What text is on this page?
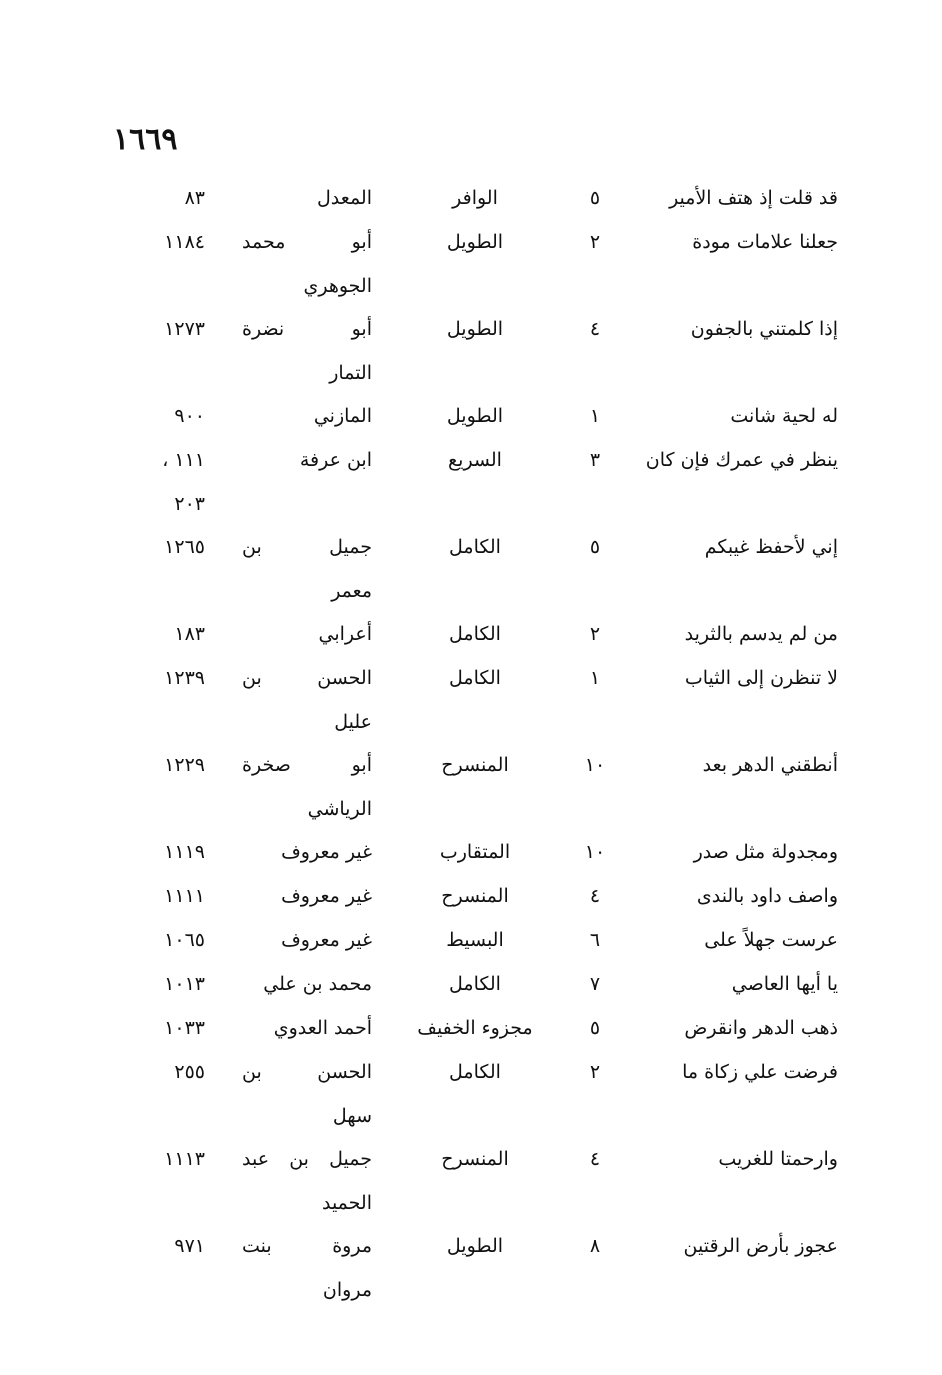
١٦٦٩
قد قلت إذ هتف الأمير
٥
الوافر
المعدل
٨٣
جعلنا علامات مودة
٢
الطويل
أبو محمد
الجوهري
١١٨٤
إذا كلمتني بالجفون
٤
الطويل
أبو نضرة
التمار
١٢٧٣
له لحية شانت
١
الطويل
المازني
٩٠٠
ينظر في عمرك فإن كان
٣
السريع
ابن عرفة
١١١ ،
٢٠٣
إني لأحفظ غيبكم
٥
الكامل
جميل بن
معمر
١٢٦٥
من لم يدسم بالثريد
٢
الكامل
أعرابي
١٨٣
لا تنظرن إلى الثياب
١
الكامل
الحسن بن
عليل
١٢٣٩
أنطقني الدهر بعد
١٠
المنسرح
أبو صخرة
الرياشي
١٢٢٩
ومجدولة مثل صدر
١٠
المتقارب
غير معروف
١١١٩
واصف داود بالندى
٤
المنسرح
غير معروف
١١١١
عرست جهلاً على
٦
البسيط
غير معروف
١٠٦٥
يا أيها العاصي
٧
الكامل
محمد بن علي
١٠١٣
ذهب الدهر وانقرض
٥
مجزوء الخفيف
أحمد العدوي
١٠٣٣
فرضت علي زكاة ما
٢
الكامل
الحسن بن
سهل
٢٥٥
وارحمتا للغريب
٤
المنسرح
جميل بن عبد
الحميد
١١١٣
عجوز بأرض الرقتين
٨
الطويل
مروة بنت
مروان
٩٧١
